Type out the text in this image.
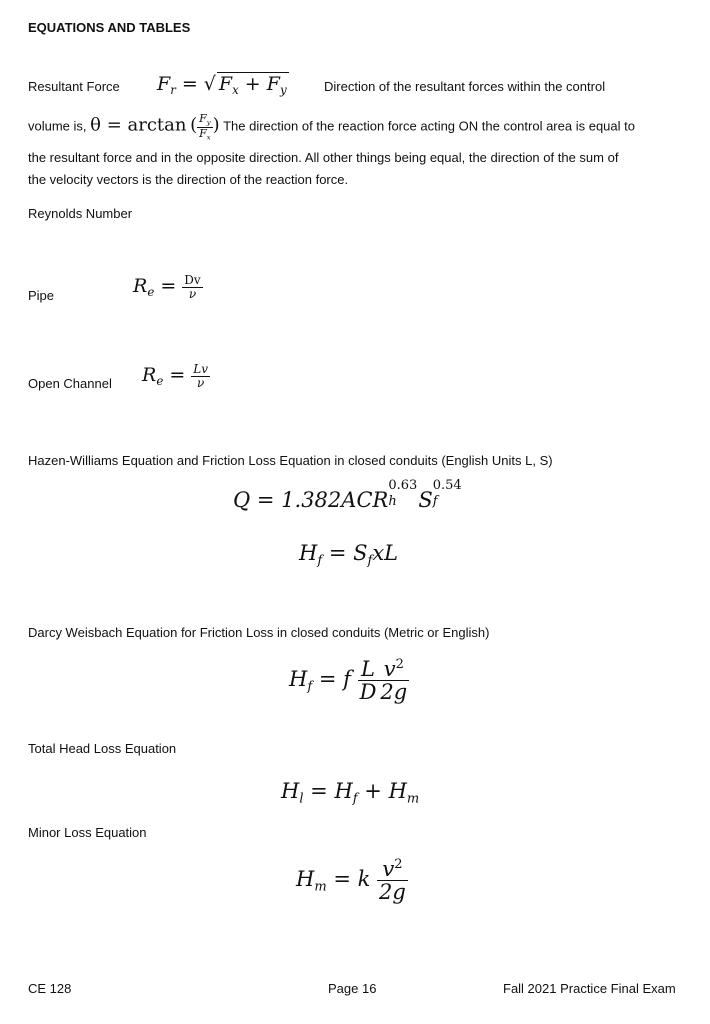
EQUATIONS AND TABLES
Resultant Force $F_r$ = √ $F_x + F_y$	Direction of the resultant forces within the control
volume is, θ = arctan ( $\frac{F_y}{F_x}$ ) The direction of the reaction force acting ON the control area is equal to
the resultant force and in the opposite direction. All other things being equal, the direction of the sum of
the velocity vectors is the direction of the reaction force.
Reynolds Number
Pipe	$R_e = \frac{Dv}{\nu}$
Open Channel $R_e = \frac{Lv}{\nu}$
Hazen-Williams Equation and Friction Loss Equation in closed conduits (English Units L, S)
Q = 1.382ACR
0.63
h S
0.54
f

$H_f = S_fxL$
Darcy Weisbach Equation for Friction Loss in closed conduits (Metric or English)
$H_f = f \frac{L}{D} \frac{v^2}{2g}$
Total Head Loss Equation
$H_l = H_f + H_m$
Minor Loss Equation
$H_m = k \frac{v^2}{2g}$
CE 128	Page 16	Fall 2021 Practice Final Exam
